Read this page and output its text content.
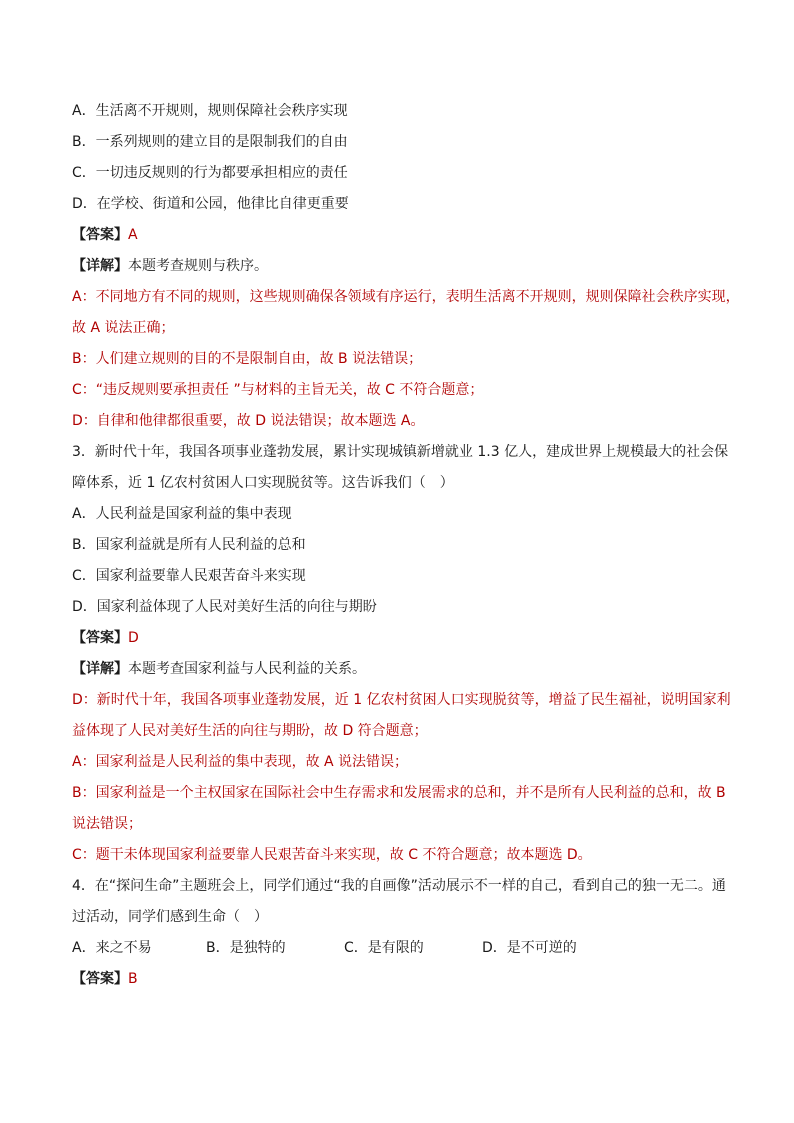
A．生活离不开规则，规则保障社会秩序实现
B．一系列规则的建立目的是限制我们的自由
C．一切违反规则的行为都要承担相应的责任
D．在学校、街道和公园，他律比自律更重要
【答案】A
【详解】本题考查规则与秩序。
A：不同地方有不同的规则，这些规则确保各领域有序运行，表明生活离不开规则，规则保障社会秩序实现，
故 A 说法正确；
B：人们建立规则的目的不是限制自由，故 B 说法错误；
C：“违反规则要承担责任 ”与材料的主旨无关，故 C 不符合题意；
D：自律和他律都很重要，故 D 说法错误；故本题选 A。
3．新时代十年，我国各项事业蓬勃发展，累计实现城镇新增就业 1.3 亿人，建成世界上规模最大的社会保
障体系，近 1 亿农村贫困人口实现脱贫等。这告诉我们（　）
A．人民利益是国家利益的集中表现
B．国家利益就是所有人民利益的总和
C．国家利益要靠人民艰苦奋斗来实现
D．国家利益体现了人民对美好生活的向往与期盼
【答案】D
【详解】本题考查国家利益与人民利益的关系。
D：新时代十年，我国各项事业蓬勃发展，近 1 亿农村贫困人口实现脱贫等，增益了民生福祉，说明国家利
益体现了人民对美好生活的向往与期盼，故 D 符合题意；
A：国家利益是人民利益的集中表现，故 A 说法错误；
B：国家利益是一个主权国家在国际社会中生存需求和发展需求的总和，并不是所有人民利益的总和，故 B
说法错误；
C：题干未体现国家利益要靠人民艰苦奋斗来实现，故 C 不符合题意；故本题选 D。
4．在“探问生命”主题班会上，同学们通过“我的自画像”活动展示不一样的自己，看到自己的独一无二。通
过活动，同学们感到生命（　）
A．来之不易	B．是独特的	C．是有限的	D．是不可逆的
【答案】B
